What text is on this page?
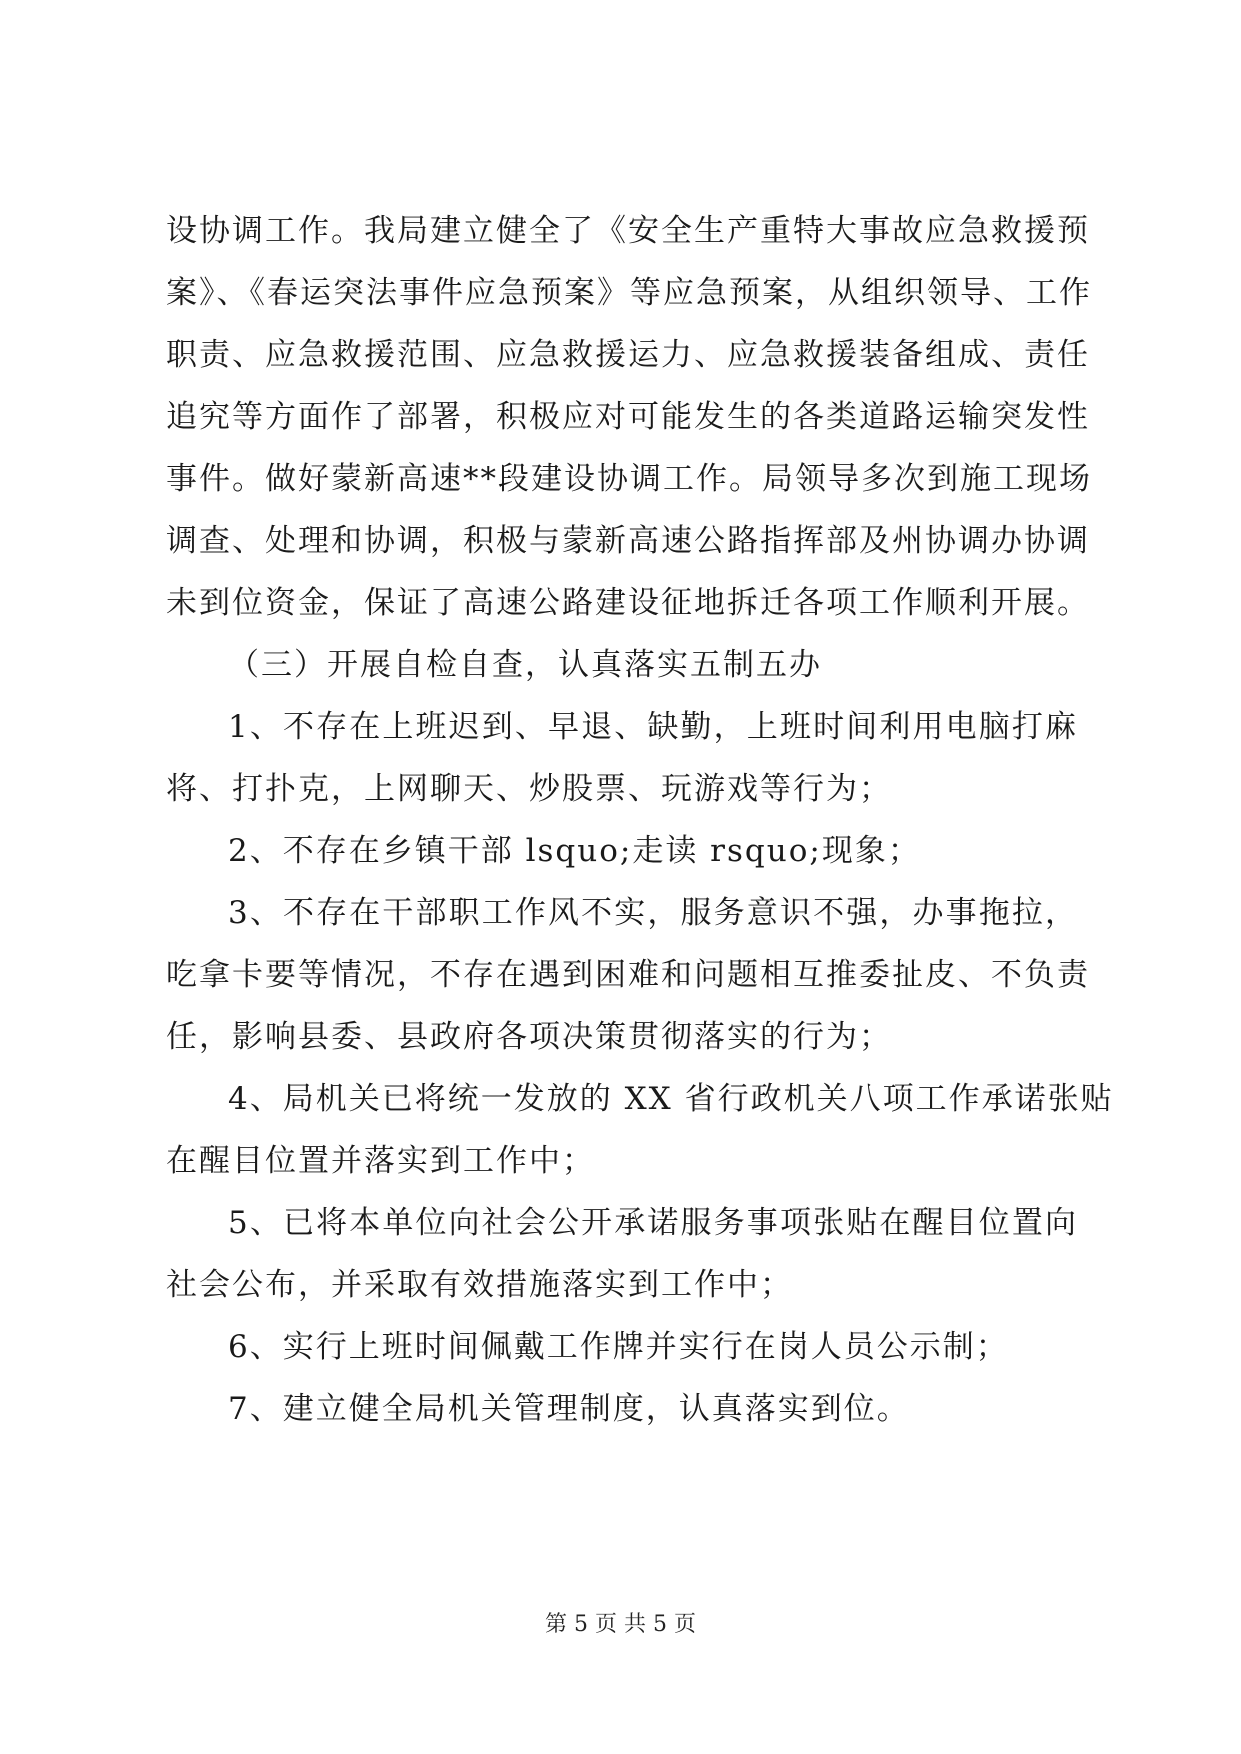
设协调工作。我局建立健全了《安全生产重特大事故应急救援预
案》、《春运突法事件应急预案》等应急预案，从组织领导、工作
职责、应急救援范围、应急救援运力、应急救援装备组成、责任
追究等方面作了部署，积极应对可能发生的各类道路运输突发性
事件。做好蒙新高速**段建设协调工作。局领导多次到施工现场
调查、处理和协调，积极与蒙新高速公路指挥部及州协调办协调
未到位资金，保证了高速公路建设征地拆迁各项工作顺利开展。
（三）开展自检自查，认真落实五制五办
1、不存在上班迟到、早退、缺勤，上班时间利用电脑打麻
将、打扑克，上网聊天、炒股票、玩游戏等行为；
2、不存在乡镇干部 lsquo;走读 rsquo;现象；
3、不存在干部职工作风不实，服务意识不强，办事拖拉，
吃拿卡要等情况，不存在遇到困难和问题相互推委扯皮、不负责
任，影响县委、县政府各项决策贯彻落实的行为；
4、局机关已将统一发放的 XX 省行政机关八项工作承诺张贴
在醒目位置并落实到工作中；
5、已将本单位向社会公开承诺服务事项张贴在醒目位置向
社会公布，并采取有效措施落实到工作中；
6、实行上班时间佩戴工作牌并实行在岗人员公示制；
7、建立健全局机关管理制度，认真落实到位。
第 5 页 共 5 页
